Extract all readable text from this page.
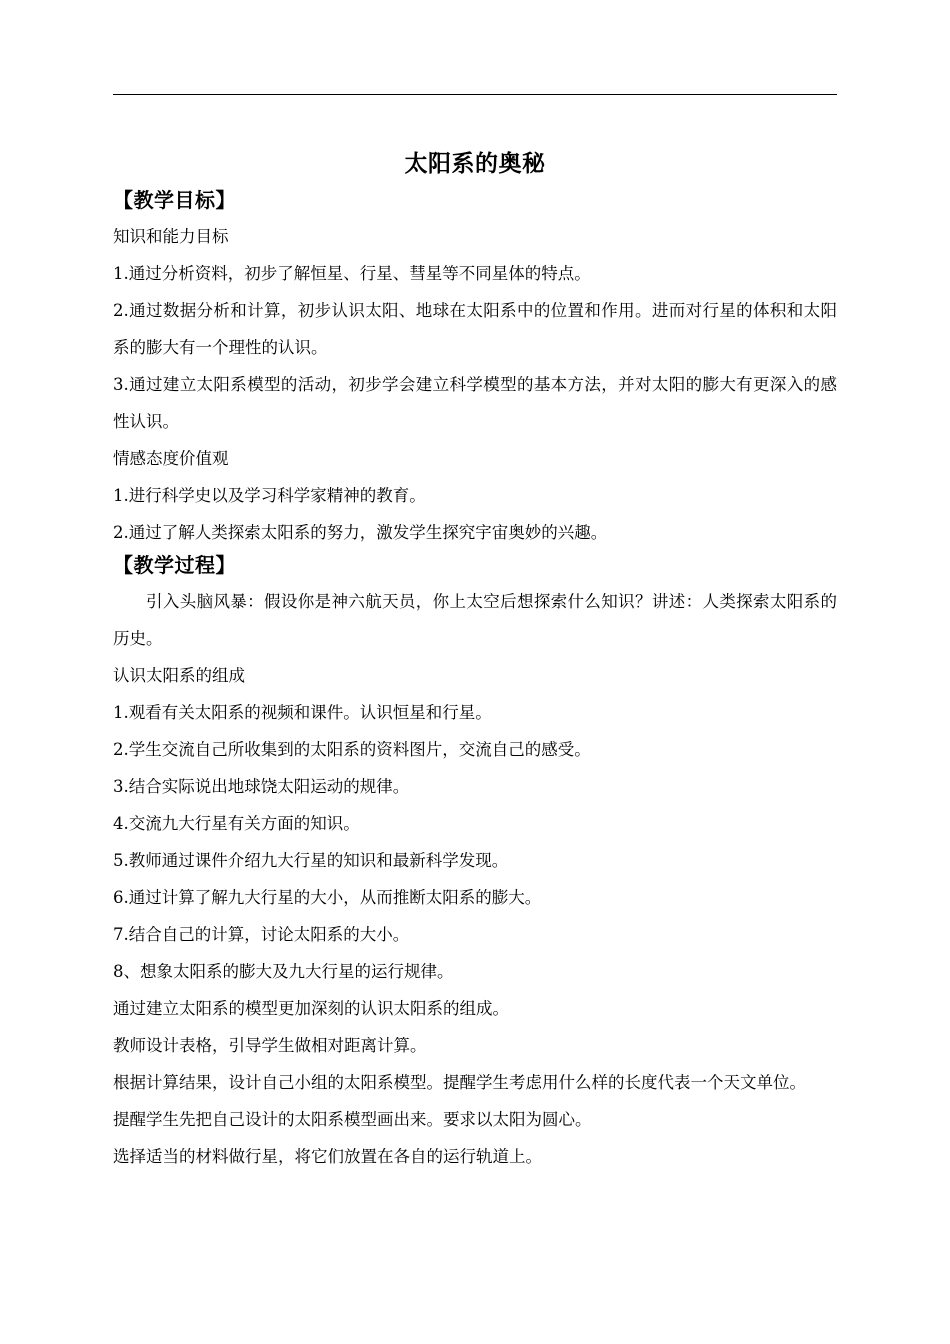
太阳系的奥秘
【教学目标】

知识和能力目标

1.通过分析资料，初步了解恒星、行星、彗星等不同星体的特点。

2.通过数据分析和计算，初步认识太阳、地球在太阳系中的位置和作用。进而对行星的体积和太阳系的膨大有一个理性的认识。

3.通过建立太阳系模型的活动，初步学会建立科学模型的基本方法，并对太阳的膨大有更深入的感性认识。

情感态度价值观

1.进行科学史以及学习科学家精神的教育。

2.通过了解人类探索太阳系的努力，激发学生探究宇宙奥妙的兴趣。

【教学过程】

引入头脑风暴：假设你是神六航天员，你上太空后想探索什么知识？讲述：人类探索太阳系的历史。

认识太阳系的组成

1.观看有关太阳系的视频和课件。认识恒星和行星。

2.学生交流自己所收集到的太阳系的资料图片，交流自己的感受。

3.结合实际说出地球饶太阳运动的规律。

4.交流九大行星有关方面的知识。

5.教师通过课件介绍九大行星的知识和最新科学发现。

6.通过计算了解九大行星的大小，从而推断太阳系的膨大。

7.结合自己的计算，讨论太阳系的大小。

8、想象太阳系的膨大及九大行星的运行规律。

通过建立太阳系的模型更加深刻的认识太阳系的组成。

教师设计表格，引导学生做相对距离计算。

根据计算结果，设计自己小组的太阳系模型。提醒学生考虑用什么样的长度代表一个天文单位。

提醒学生先把自己设计的太阳系模型画出来。要求以太阳为圆心。

选择适当的材料做行星，将它们放置在各自的运行轨道上。
